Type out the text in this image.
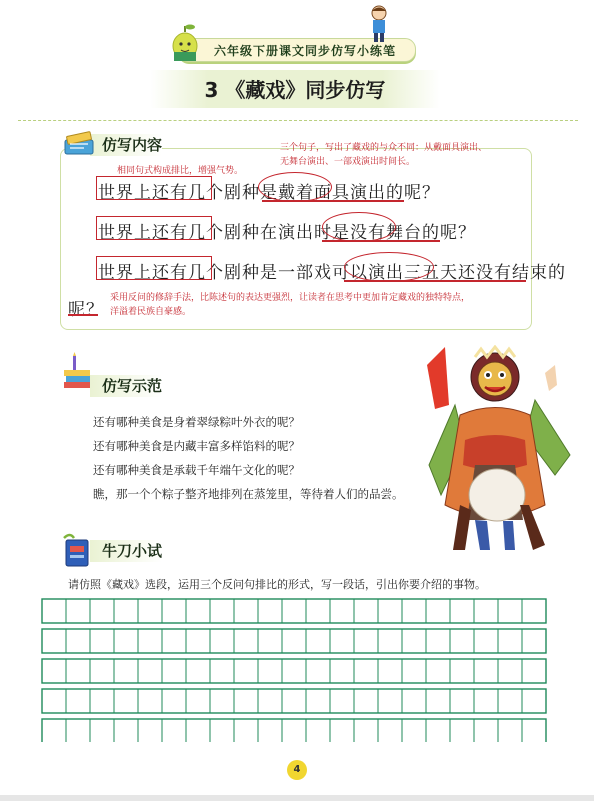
六年级下册课文同步仿写小练笔
3 《藏戏》同步仿写
仿写内容
相同句式构成排比，增强气势。
三个句子，写出了藏戏的与众不同：从戴面具演出、
无舞台演出、一部戏演出时间长。
世界上还有几个剧种是戴着面具演出的呢？
世界上还有几个剧种在演出时是没有舞台的呢？
世界上还有几个剧种是一部戏可以演出三五天还没有结束的
呢？
采用反问的修辞手法，比陈述句的表达更强烈，让读者在思考中更加肯定藏戏的独特特点，
洋溢着民族自豪感。
仿写示范
还有哪种美食是身着翠绿粽叶外衣的呢？
还有哪种美食是内藏丰富多样馅料的呢？
还有哪种美食是承载千年端午文化的呢？
瞧，那一个个粽子整齐地排列在蒸笼里，等待着人们的品尝。
牛刀小试
请仿照《藏戏》选段，运用三个反问句排比的形式，写一段话，引出你要介绍的事物。
4
